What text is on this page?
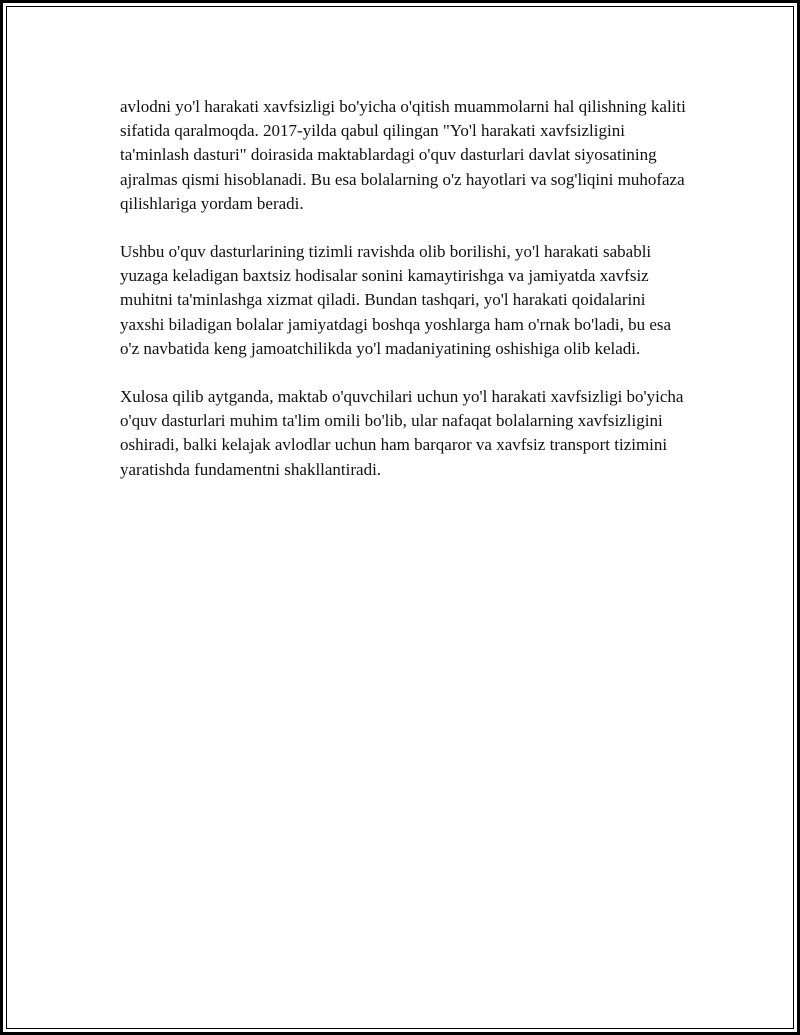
avlodni yo'l harakati xavfsizligi bo'yicha o'qitish muammolarni hal qilishning kaliti sifatida qaralmoqda. 2017-yilda qabul qilingan "Yo'l harakati xavfsizligini ta'minlash dasturi" doirasida maktablardagi o'quv dasturlari davlat siyosatining ajralmas qismi hisoblanadi. Bu esa bolalarning o'z hayotlari va sog'liqini muhofaza qilishlariga yordam beradi.

Ushbu o'quv dasturlarining tizimli ravishda olib borilishi, yo'l harakati sababli yuzaga keladigan baxtsiz hodisalar sonini kamaytirishga va jamiyatda xavfsiz muhitni ta'minlashga xizmat qiladi. Bundan tashqari, yo'l harakati qoidalarini yaxshi biladigan bolalar jamiyatdagi boshqa yoshlarga ham o'rnak bo'ladi, bu esa o'z navbatida keng jamoatchilikda yo'l madaniyatining oshishiga olib keladi.

Xulosa qilib aytganda, maktab o'quvchilari uchun yo'l harakati xavfsizligi bo'yicha o'quv dasturlari muhim ta'lim omili bo'lib, ular nafaqat bolalarning xavfsizligini oshiradi, balki kelajak avlodlar uchun ham barqaror va xavfsiz transport tizimini yaratishda fundamentni shakllantiradi.
